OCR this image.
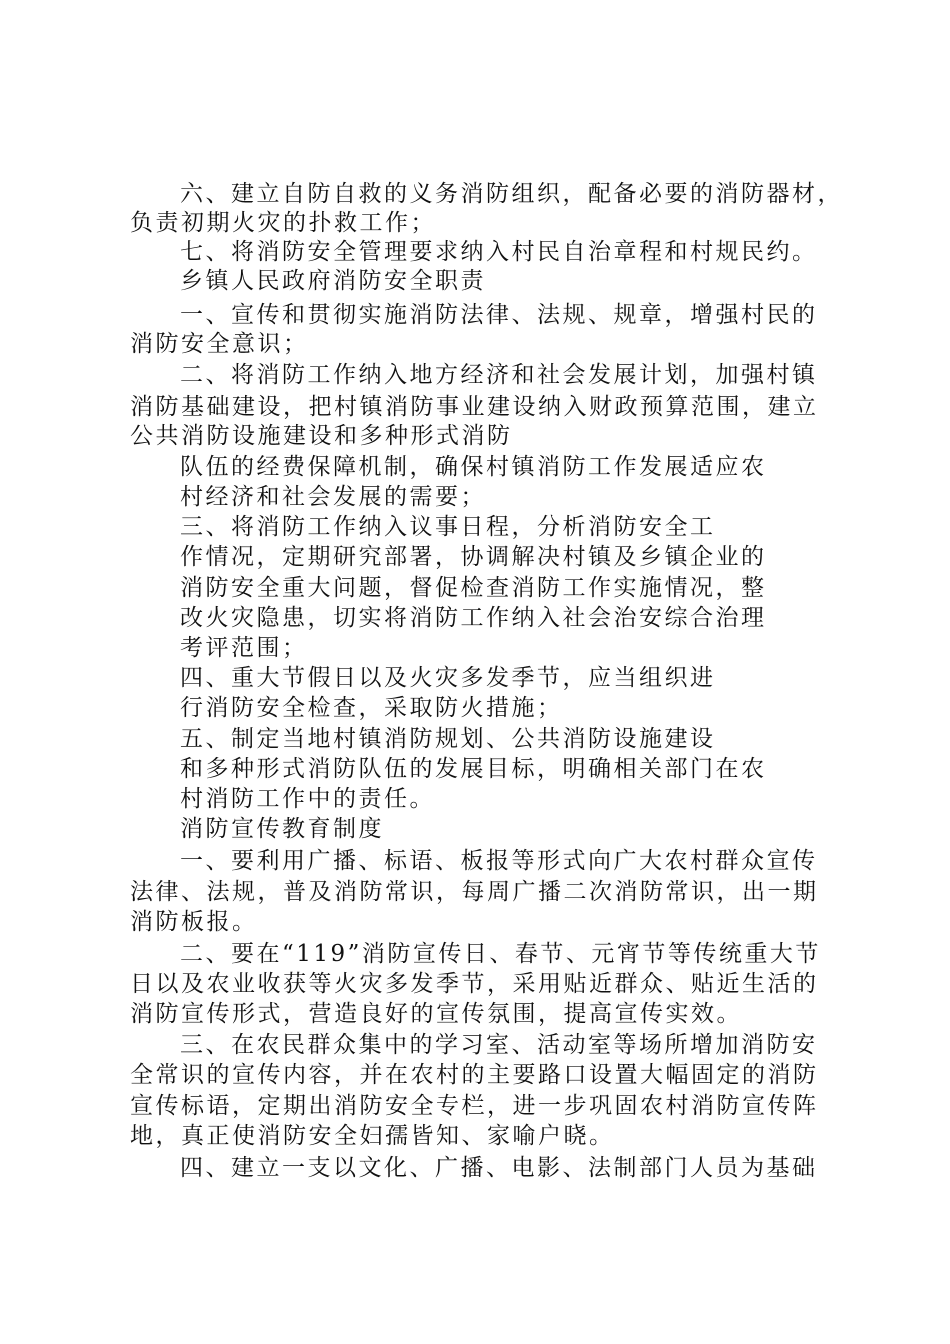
六、建立自防自救的义务消防组织，配备必要的消防器材，
负责初期火灾的扑救工作；
七、将消防安全管理要求纳入村民自治章程和村规民约。
乡镇人民政府消防安全职责
一、宣传和贯彻实施消防法律、法规、规章，增强村民的
消防安全意识；
二、将消防工作纳入地方经济和社会发展计划，加强村镇
消防基础建设，把村镇消防事业建设纳入财政预算范围，建立
公共消防设施建设和多种形式消防
队伍的经费保障机制，确保村镇消防工作发展适应农
村经济和社会发展的需要；
三、将消防工作纳入议事日程，分析消防安全工
作情况，定期研究部署，协调解决村镇及乡镇企业的
消防安全重大问题，督促检查消防工作实施情况，整
改火灾隐患，切实将消防工作纳入社会治安综合治理
考评范围；
四、重大节假日以及火灾多发季节，应当组织进
行消防安全检查，采取防火措施；
五、制定当地村镇消防规划、公共消防设施建设
和多种形式消防队伍的发展目标，明确相关部门在农
村消防工作中的责任。
消防宣传教育制度
一、要利用广播、标语、板报等形式向广大农村群众宣传
法律、法规，普及消防常识，每周广播二次消防常识，出一期
消防板报。
二、要在“119”消防宣传日、春节、元宵节等传统重大节
日以及农业收获等火灾多发季节，采用贴近群众、贴近生活的
消防宣传形式，营造良好的宣传氛围，提高宣传实效。
三、在农民群众集中的学习室、活动室等场所增加消防安
全常识的宣传内容，并在农村的主要路口设置大幅固定的消防
宣传标语，定期出消防安全专栏，进一步巩固农村消防宣传阵
地，真正使消防安全妇孺皆知、家喻户晓。
四、建立一支以文化、广播、电影、法制部门人员为基础
